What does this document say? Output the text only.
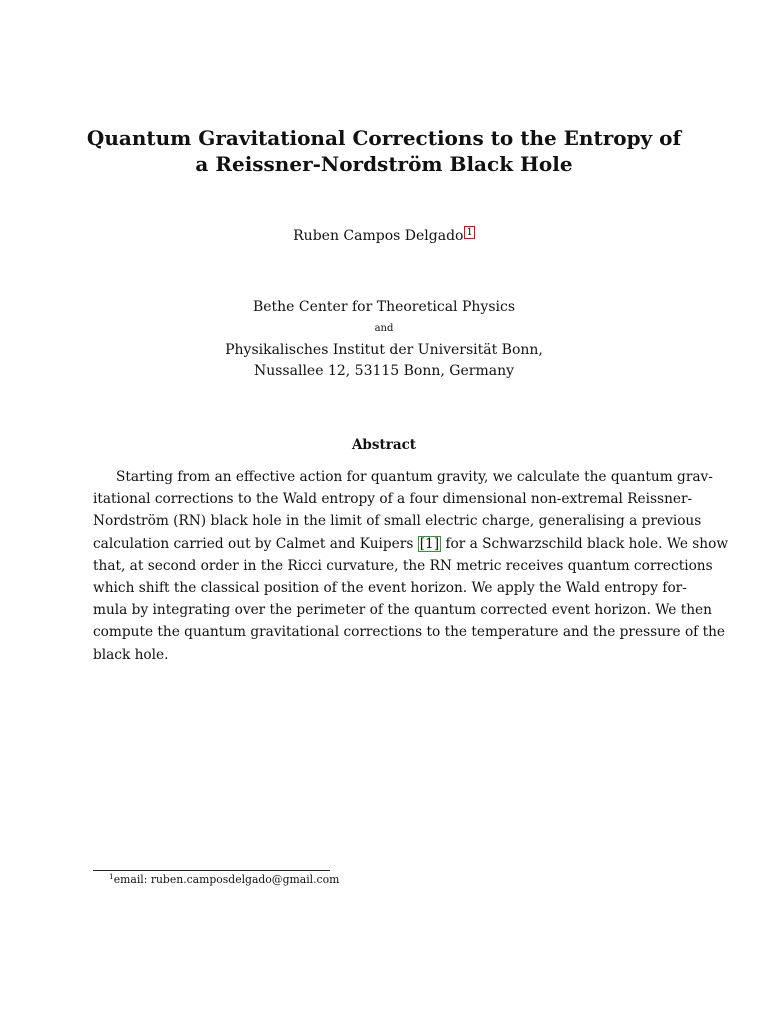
Quantum Gravitational Corrections to the Entropy of
a Reissner-Nordström Black Hole
Ruben Campos Delgado 1
Bethe Center for Theoretical Physics
and
Physikalisches Institut der Universität Bonn,
Nussallee 12, 53115 Bonn, Germany
Abstract
Starting from an effective action for quantum gravity, we calculate the quantum grav-
itational corrections to the Wald entropy of a four dimensional non-extremal Reissner-
Nordström (RN) black hole in the limit of small electric charge, generalising a previous
calculation carried out by Calmet and Kuipers [1] for a Schwarzschild black hole. We show
that, at second order in the Ricci curvature, the RN metric receives quantum corrections
which shift the classical position of the event horizon. We apply the Wald entropy for-
mula by integrating over the perimeter of the quantum corrected event horizon. We then
compute the quantum gravitational corrections to the temperature and the pressure of the
black hole.
$^1$email: ruben.camposdelgado@gmail.com
